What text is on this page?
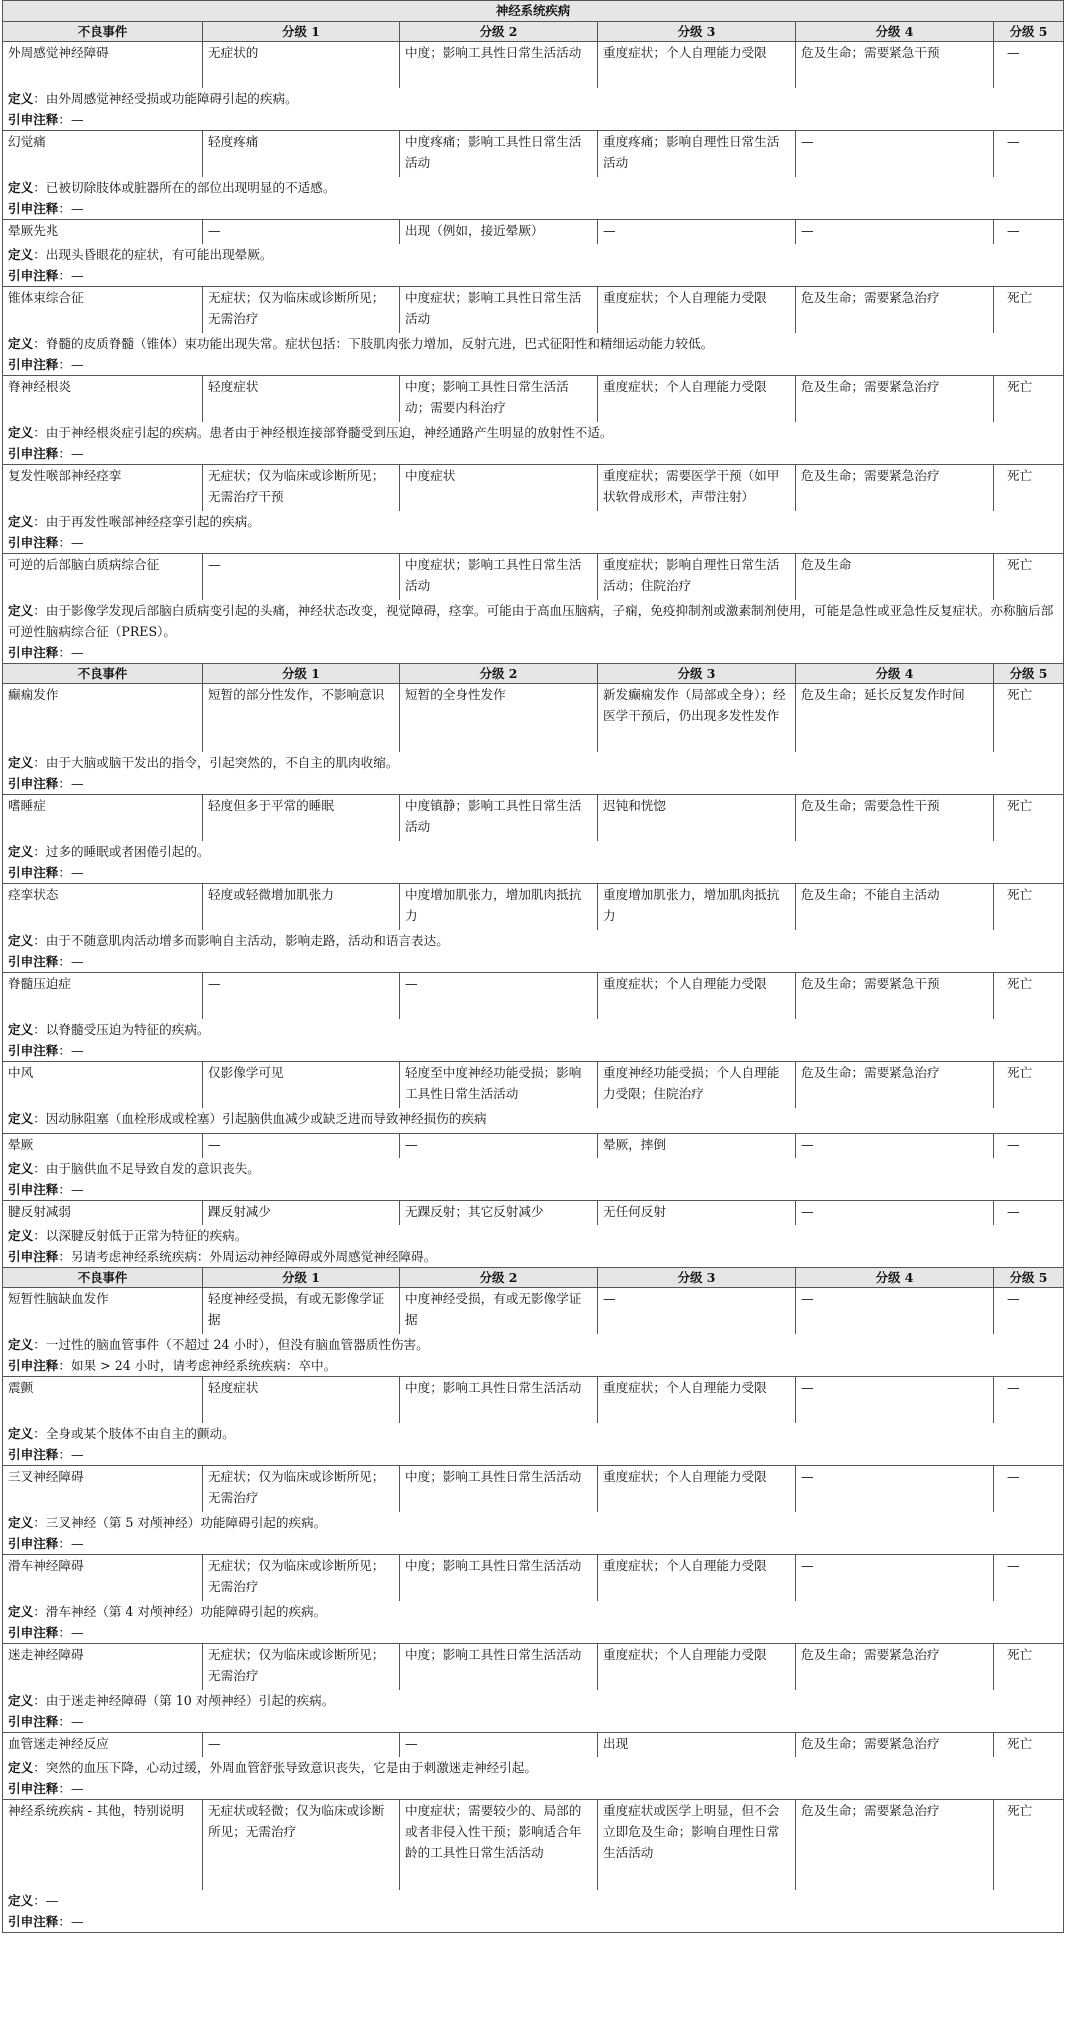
神经系统疾病					
不良事件	分级 1	分级 2	分级 3	分级 4	分级 5
外周感觉神经障碍	无症状的	中度；影响工具性日常生活活动	重度症状；个人自理能力受限	危及生命；需要紧急干预	—
定义：由外周感觉神经受损或功能障碍引起的疾病。					
引申注释：—					
幻觉痛	轻度疼痛	中度疼痛；影响工具性日常生活活动	重度疼痛；影响自理性日常生活活动	—	—
定义：已被切除肢体或脏器所在的部位出现明显的不适感。					
引申注释：—					
晕厥先兆	—	出现（例如，接近晕厥）	—	—	—
定义：出现头昏眼花的症状，有可能出现晕厥。					
引申注释：—					
锥体束综合征	无症状；仅为临床或诊断所见；无需治疗	中度症状；影响工具性日常生活活动	重度症状；个人自理能力受限	危及生命；需要紧急治疗	死亡
定义：脊髓的皮质脊髓（锥体）束功能出现失常。症状包括：下肢肌肉张力增加，反射亢进，巴式征阳性和精细运动能力较低。					
引申注释：—					
脊神经根炎	轻度症状	中度；影响工具性日常生活活动；需要内科治疗	重度症状；个人自理能力受限	危及生命；需要紧急治疗	死亡
定义：由于神经根炎症引起的疾病。患者由于神经根连接部脊髓受到压迫，神经通路产生明显的放射性不适。					
引申注释：—					
复发性喉部神经痉挛	无症状；仅为临床或诊断所见；无需治疗干预	中度症状	重度症状；需要医学干预（如甲状软骨成形术，声带注射）	危及生命；需要紧急治疗	死亡
定义：由于再发性喉部神经痉挛引起的疾病。					
引申注释：—					
可逆的后部脑白质病综合征	—	中度症状；影响工具性日常生活活动	重度症状；影响自理性日常生活活动；住院治疗	危及生命	死亡
定义：由于影像学发现后部脑白质病变引起的头痛，神经状态改变，视觉障碍，痉挛。可能由于高血压脑病，子痫，免疫抑制剂或激素制剂使用，可能是急性或亚急性反复症状。亦称脑后部可逆性脑病综合征（PRES）。					
引申注释：—					
不良事件	分级 1	分级 2	分级 3	分级 4	分级 5
癫痫发作	短暂的部分性发作，不影响意识	短暂的全身性发作	新发癫痫发作（局部或全身）；经医学干预后，仍出现多发性发作	危及生命；延长反复发作时间	死亡
定义：由于大脑或脑干发出的指令，引起突然的，不自主的肌肉收缩。					
引申注释：—					
嗜睡症	轻度但多于平常的睡眠	中度镇静；影响工具性日常生活活动	迟钝和恍惚	危及生命；需要急性干预	死亡
定义：过多的睡眠或者困倦引起的。					
引申注释：—					
痉挛状态	轻度或轻微增加肌张力	中度增加肌张力，增加肌肉抵抗力	重度增加肌张力，增加肌肉抵抗力	危及生命；不能自主活动	死亡
定义：由于不随意肌肉活动增多而影响自主活动，影响走路，活动和语言表达。					
引申注释：—					
脊髓压迫症	—	—	重度症状；个人自理能力受限	危及生命；需要紧急干预	死亡
定义：以脊髓受压迫为特征的疾病。					
引申注释：—					
中风	仅影像学可见	轻度至中度神经功能受损；影响工具性日常生活活动	重度神经功能受损；个人自理能力受限；住院治疗	危及生命；需要紧急治疗	死亡
定义：因动脉阻塞（血栓形成或栓塞）引起脑供血减少或缺乏进而导致神经损伤的疾病					

晕厥	—	—	晕厥，摔倒	—	—
定义：由于脑供血不足导致自发的意识丧失。					
引申注释：—					
腱反射减弱	踝反射减少	无踝反射；其它反射减少	无任何反射	—	—
定义：以深腱反射低于正常为特征的疾病。					
引申注释：另请考虑神经系统疾病：外周运动神经障碍或外周感觉神经障碍。					
不良事件	分级 1	分级 2	分级 3	分级 4	分级 5
短暂性脑缺血发作	轻度神经受损，有或无影像学证据	中度神经受损，有或无影像学证据	—	—	—
定义：一过性的脑血管事件（不超过 24 小时），但没有脑血管器质性伤害。					
引申注释：如果 > 24 小时，请考虑神经系统疾病：卒中。					
震颤	轻度症状	中度；影响工具性日常生活活动	重度症状；个人自理能力受限	—	—
定义：全身或某个肢体不由自主的颤动。					
引申注释：—					
三叉神经障碍	无症状；仅为临床或诊断所见；无需治疗	中度；影响工具性日常生活活动	重度症状；个人自理能力受限	—	—
定义：三叉神经（第 5 对颅神经）功能障碍引起的疾病。					
引申注释：—					
滑车神经障碍	无症状；仅为临床或诊断所见；无需治疗	中度；影响工具性日常生活活动	重度症状；个人自理能力受限	—	—
定义：滑车神经（第 4 对颅神经）功能障碍引起的疾病。					
引申注释：—					
迷走神经障碍	无症状；仅为临床或诊断所见；无需治疗	中度；影响工具性日常生活活动	重度症状；个人自理能力受限	危及生命；需要紧急治疗	死亡
定义：由于迷走神经障碍（第 10 对颅神经）引起的疾病。					
引申注释：—					
血管迷走神经反应	—	—	出现	危及生命；需要紧急治疗	死亡
定义：突然的血压下降，心动过缓，外周血管舒张导致意识丧失，它是由于刺激迷走神经引起。					
引申注释：—					
神经系统疾病 - 其他，特别说明	无症状或轻微；仅为临床或诊断所见；无需治疗	中度症状；需要较少的、局部的或者非侵入性干预；影响适合年龄的工具性日常生活活动	重度症状或医学上明显，但不会立即危及生命；影响自理性日常生活活动	危及生命；需要紧急治疗	死亡
定义：—					
引申注释：—					
